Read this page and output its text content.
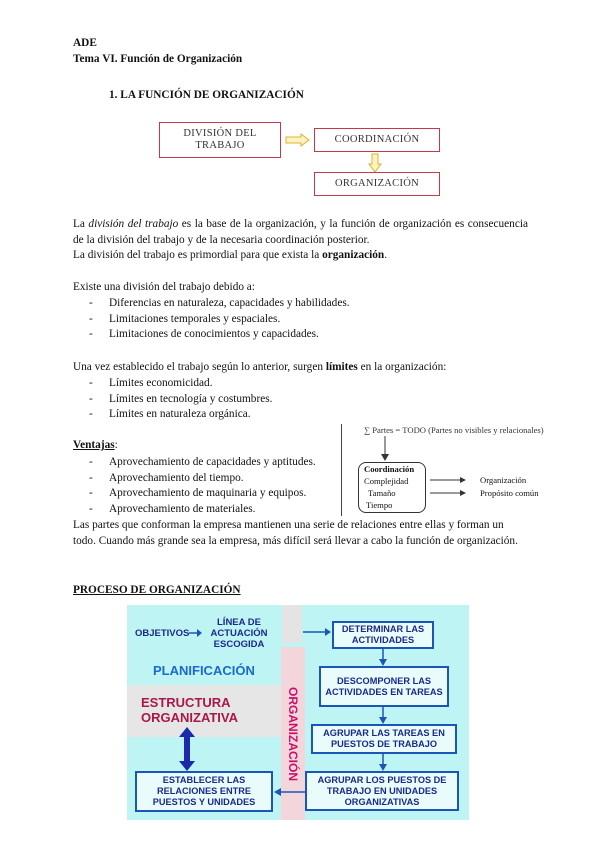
ADE
Tema VI. Función de Organización
1. LA FUNCIÓN DE ORGANIZACIÓN
DIVISIÓN DEL TRABAJO
COORDINACIÓN
ORGANIZACIÓN
La división del trabajo es la base de la organización, y la función de organización es consecuencia de la división del trabajo y de la necesaria coordinación posterior.
La división del trabajo es primordial para que exista la organización.
Existe una división del trabajo debido a:
- Diferencias en naturaleza, capacidades y habilidades.
- Limitaciones temporales y espaciales.
- Limitaciones de conocimientos y capacidades.
Una vez establecido el trabajo según lo anterior, surgen límites en la organización:
- Límites economicidad.
- Límites en tecnología y costumbres.
- Límites en naturaleza orgánica.
Ventajas:
- Aprovechamiento de capacidades y aptitudes.
- Aprovechamiento del tiempo.
- Aprovechamiento de maquinaria y equipos.
- Aprovechamiento de materiales.
∑ Partes = TODO (Partes no visibles y relacionales)
Coordinación
Complejidad
Tamaño
Tiempo
Organización
Propósito común
Las partes que conforman la empresa mantienen una serie de relaciones entre ellas y forman un todo. Cuando más grande sea la empresa, más difícil será llevar a cabo la función de organización.
PROCESO DE ORGANIZACIÓN
OBJETIVOS
LÍNEA DE ACTUACIÓN ESCOGIDA
PLANIFICACIÓN
ESTRUCTURA ORGANIZATIVA	ORGANIZACIÓN
DETERMINAR LAS ACTIVIDADES
DESCOMPONER LAS ACTIVIDADES EN TAREAS
AGRUPAR LAS TAREAS EN PUESTOS DE TRABAJO
AGRUPAR LOS PUESTOS DE TRABAJO EN UNIDADES ORGANIZATIVAS
ESTABLECER LAS RELACIONES ENTRE PUESTOS Y UNIDADES
